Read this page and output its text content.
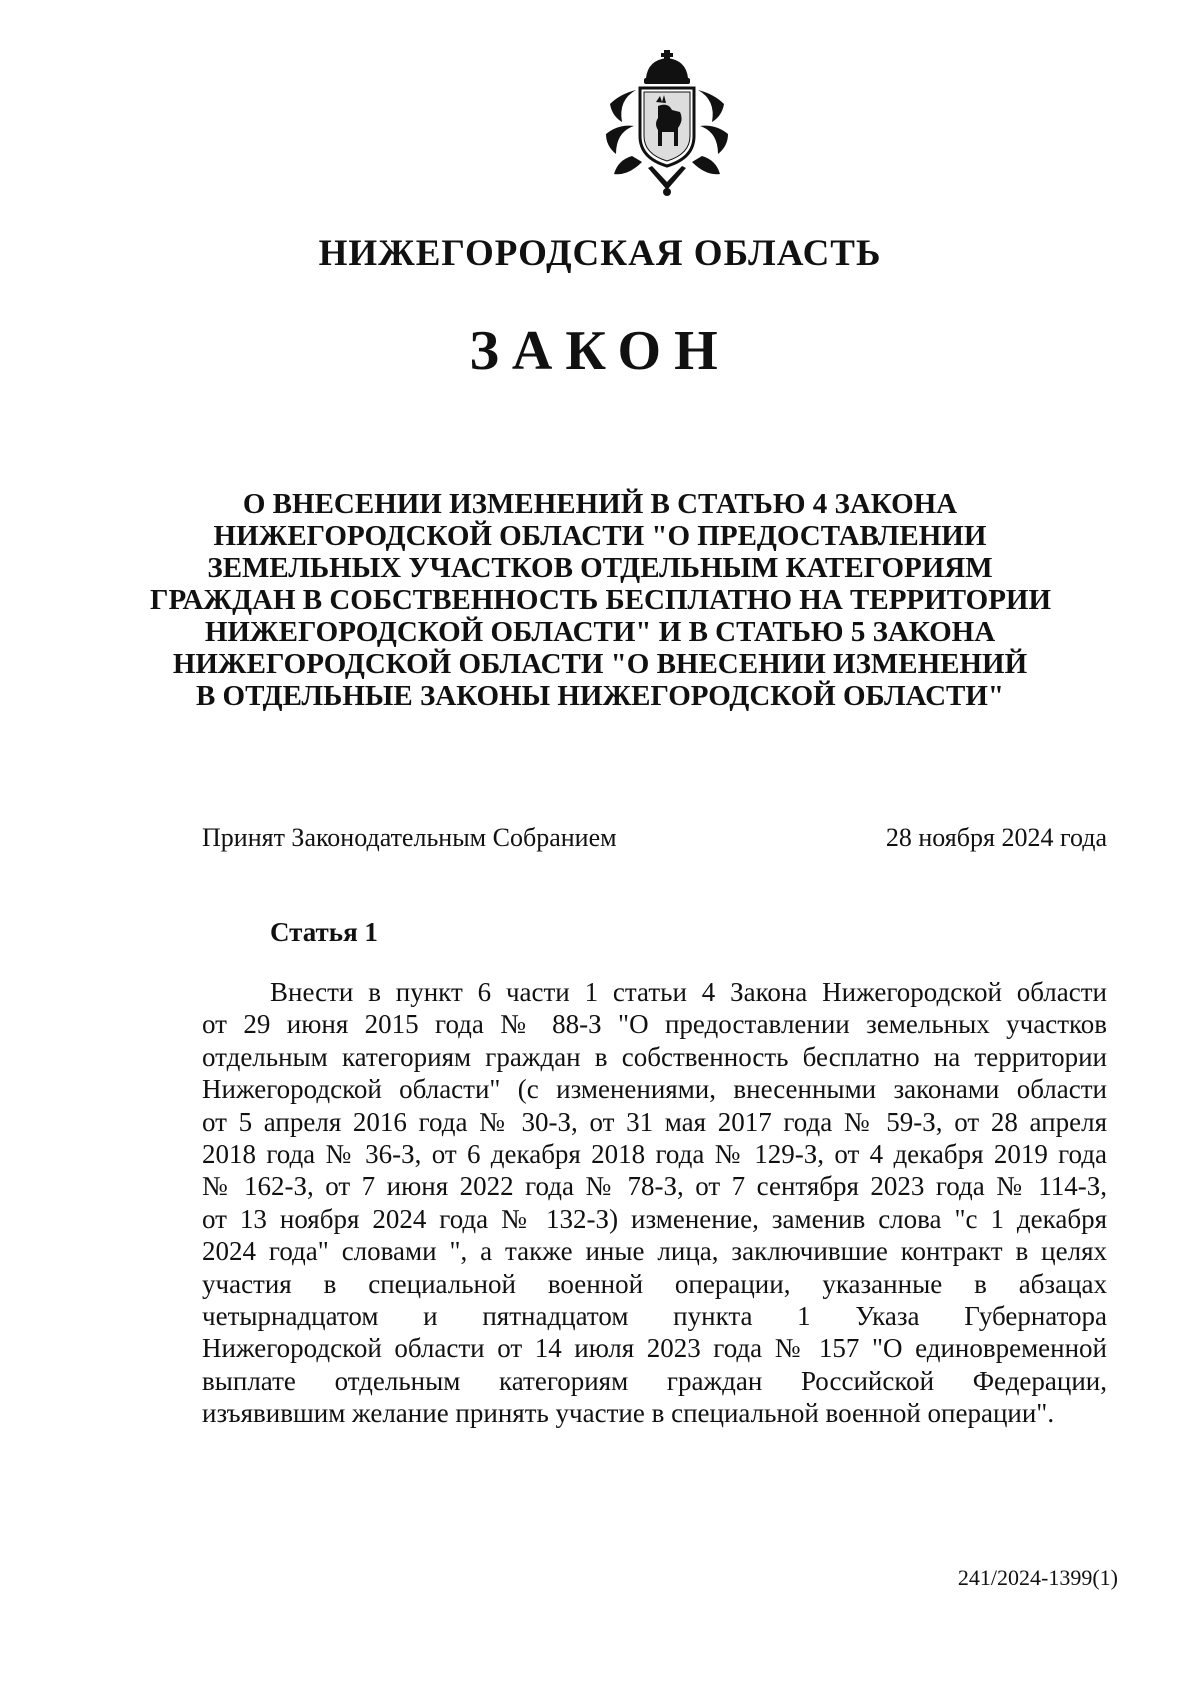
НИЖЕГОРОДСКАЯ ОБЛАСТЬ
ЗАКОН
О ВНЕСЕНИИ ИЗМЕНЕНИЙ В СТАТЬЮ 4 ЗАКОНА
НИЖЕГОРОДСКОЙ ОБЛАСТИ "О ПРЕДОСТАВЛЕНИИ
ЗЕМЕЛЬНЫХ УЧАСТКОВ ОТДЕЛЬНЫМ КАТЕГОРИЯМ
ГРАЖДАН В СОБСТВЕННОСТЬ БЕСПЛАТНО НА ТЕРРИТОРИИ
НИЖЕГОРОДСКОЙ ОБЛАСТИ" И В СТАТЬЮ 5 ЗАКОНА
НИЖЕГОРОДСКОЙ ОБЛАСТИ "О ВНЕСЕНИИ ИЗМЕНЕНИЙ
В ОТДЕЛЬНЫЕ ЗАКОНЫ НИЖЕГОРОДСКОЙ ОБЛАСТИ"
Принят Законодательным Собранием	28 ноября 2024 года
Статья 1
Внести в пункт 6 части 1 статьи 4 Закона Нижегородской области
от 29 июня 2015 года № 88-З "О предоставлении земельных участков
отдельным категориям граждан в собственность бесплатно на территории
Нижегородской области" (с изменениями, внесенными законами области
от 5 апреля 2016 года № 30-З, от 31 мая 2017 года № 59-З, от 28 апреля
2018 года № 36-З, от 6 декабря 2018 года № 129-З, от 4 декабря 2019 года
№ 162-З, от 7 июня 2022 года № 78-З, от 7 сентября 2023 года № 114-З,
от 13 ноября 2024 года № 132-З) изменение, заменив слова "с 1 декабря
2024 года" словами ", а также иные лица, заключившие контракт в целях
участия в специальной военной операции, указанные в абзацах
четырнадцатом и пятнадцатом пункта 1 Указа Губернатора
Нижегородской области от 14 июля 2023 года № 157 "О единовременной
выплате отдельным категориям граждан Российской Федерации,
изъявившим желание принять участие в специальной военной операции".
241/2024-1399(1)
